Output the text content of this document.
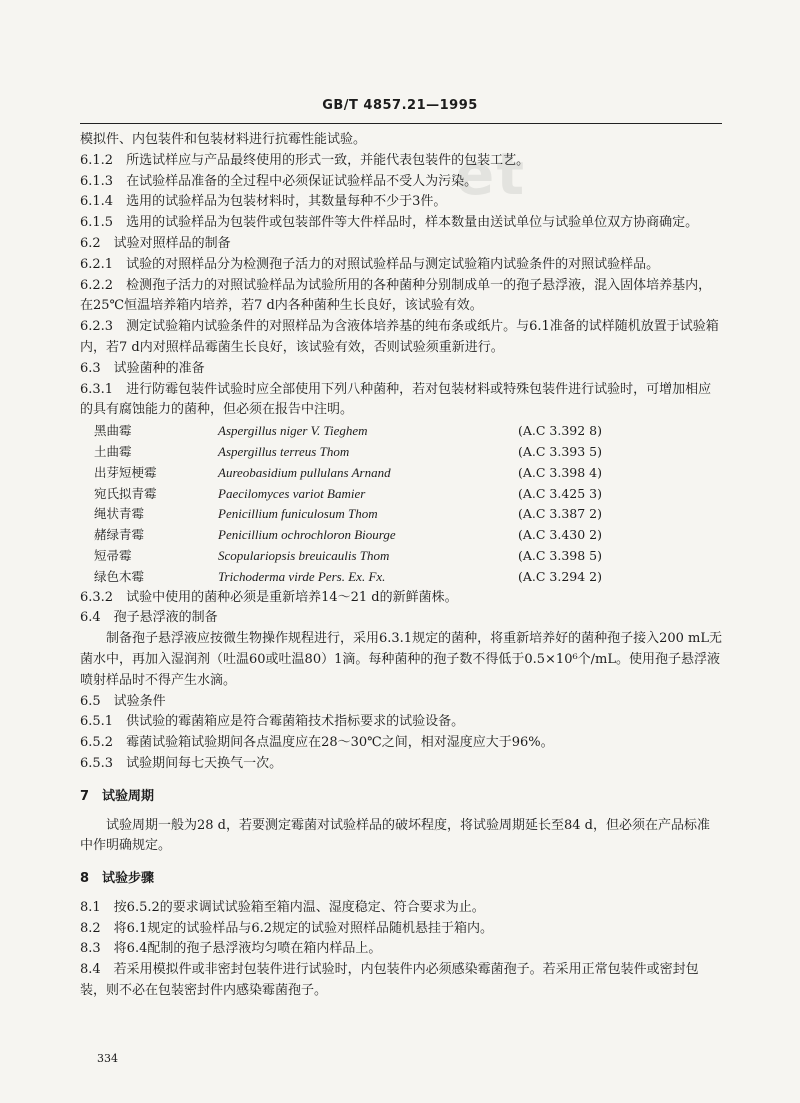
GB/T 4857.21—1995
et

模拟件、内包装件和包装材料进行抗霉性能试验。

6.1.2　所选试样应与产品最终使用的形式一致，并能代表包装件的包装工艺。

6.1.3　在试验样品准备的全过程中必须保证试验样品不受人为污染。

6.1.4　选用的试验样品为包装材料时，其数量每种不少于3件。

6.1.5　选用的试验样品为包装件或包装部件等大件样品时，样本数量由送试单位与试验单位双方协商确定。

6.2　试验对照样品的制备

6.2.1　试验的对照样品分为检测孢子活力的对照试验样品与测定试验箱内试验条件的对照试验样品。

6.2.2　检测孢子活力的对照试验样品为试验所用的各种菌种分别制成单一的孢子悬浮液，混入固体培养基内，在25℃恒温培养箱内培养，若7 d内各种菌种生长良好，该试验有效。

6.2.3　测定试验箱内试验条件的对照样品为含液体培养基的纯布条或纸片。与6.1准备的试样随机放置于试验箱内，若7 d内对照样品霉菌生长良好，该试验有效，否则试验须重新进行。

6.3　试验菌种的准备

6.3.1　进行防霉包装件试验时应全部使用下列八种菌种，若对包装材料或特殊包装件进行试验时，可增加相应的具有腐蚀能力的菌种，但必须在报告中注明。

黑曲霉	Aspergillus niger V. Tieghem	(A.C 3.392 8)
土曲霉	Aspergillus terreus Thom	(A.C 3.393 5)
出芽短梗霉	Aureobasidium pullulans Arnand	(A.C 3.398 4)
宛氏拟青霉	Paecilomyces variot Bamier	(A.C 3.425 3)
绳状青霉	Penicillium funiculosum Thom	(A.C 3.387 2)
赭绿青霉	Penicillium ochrochloron Biourge	(A.C 3.430 2)
短帚霉	Scopulariopsis breuicaulis Thom	(A.C 3.398 5)
绿色木霉	Trichoderma virde Pers. Ex. Fx.	(A.C 3.294 2)

6.3.2　试验中使用的菌种必须是重新培养14～21 d的新鲜菌株。

6.4　孢子悬浮液的制备

制备孢子悬浮液应按微生物操作规程进行，采用6.3.1规定的菌种，将重新培养好的菌种孢子接入200 mL无菌水中，再加入湿润剂（吐温60或吐温80）1滴。每种菌种的孢子数不得低于0.5×10⁶个/mL。使用孢子悬浮液喷射样品时不得产生水滴。

6.5　试验条件

6.5.1　供试验的霉菌箱应是符合霉菌箱技术指标要求的试验设备。

6.5.2　霉菌试验箱试验期间各点温度应在28～30℃之间，相对湿度应大于96%。

6.5.3　试验期间每七天换气一次。

7　试验周期

试验周期一般为28 d，若要测定霉菌对试验样品的破坏程度，将试验周期延长至84 d，但必须在产品标准中作明确规定。

8　试验步骤

8.1　按6.5.2的要求调试试验箱至箱内温、湿度稳定、符合要求为止。

8.2　将6.1规定的试验样品与6.2规定的试验对照样品随机悬挂于箱内。

8.3　将6.4配制的孢子悬浮液均匀喷在箱内样品上。

8.4　若采用模拟件或非密封包装件进行试验时，内包装件内必须感染霉菌孢子。若采用正常包装件或密封包装，则不必在包装密封件内感染霉菌孢子。

334
